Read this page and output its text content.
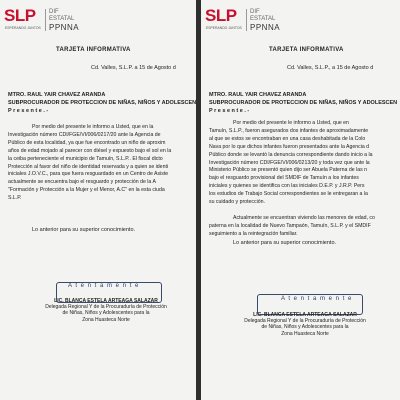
SLP
ESPERANDO JUNTOS
DIF
ESTATAL
PPNNA
TARJETA INFORMATIVA
Cd. Valles, S.L.P. a 15 de Agosto d
MTRO. RAUL YAIR CHAVEZ ARANDA
SUBPROCURADOR DE PROTECCION DE NIÑAS, NIÑOS Y ADOLESCEN
P r e s e n t e . -

Por medio del presente le informo a Usted, que en la

Investigación número CDI/FGE/VI/006/0217/20 ante la Agencia de

Público de esta localidad, ya que fue encontrado un niño de aproxim

años de edad mojado al parecer con diésel y expuesto bajo el sol en la

la ceiba perteneciente el municipio de Tamuín, S.L.P.. El fiscal dicto

Protección al favor del niño de identidad reservada y a quien se identi

iniciales J.O.V.C., para que fuera resguardado en un Centro de Asiste

actualmente se encuentra bajo el resguardo y protección de la A

"Formación y Protección a la Mujer y el Menor, A.C" en la esta ciuda

S.L.P.

Lo anterior para su superior conocimiento.
A t e n t a m e n t e
LIC. BLANCA ESTELA ARTEAGA SALAZAR
Delegada Regional Y de la Procuraduría de Protección
de Niñas, Niños y Adolescentes para la
Zona Huasteca Norte
SLP
ESPERANDO JUNTOS
DIF
ESTATAL
PPNNA
TARJETA INFORMATIVA
Cd. Valles, S.L.P., a 15 de Agosto d
MTRO. RAUL YAIR CHAVEZ ARANDA
SUBPROCURADOR DE PROTECCION DE NIÑAS, NIÑOS Y ADOLESCEN
P r e s e n t e . -

Por medio del presente le informo a Usted, que en

Tamuín, S.L.P., fueron asegurados dos infantes de aproximadamente

al que se estos se encontraban en una casa deshabitada de la Colo

Nava por lo que dichos infantes fueron presentados ante la Agencia d

Público donde se levantó la denuncia correspondiente dando inicio a la

Investigación número CDI/FGE/VI/006/0213/20 y toda vez que ante la

Ministerio Público se presentó quien dijo ser Abuela Paterna de las n

bajo el resguardo provisional del SMDIF de Tamuín a los infantes

iniciales y quienes se identifica con las iniciales D.E.P. y J.R.P. Pers

los estudios de Trabajo Social correspondientes se le entregaran a la

su cuidado y protección.

Actualmente se encuentran viviendo las menores de edad, co

paterna en la localidad de Nuevo Tampaón, Tamuín, S.L.P. y el SMDIF

seguimiento a la reintegración familiar.

Lo anterior para su superior conocimiento.
A t e n t a m e n t e
LIC. BLANCA ESTELA ARTEAGA SALAZAR
Delegada Regional Y de la Procuraduría de Protección
de Niñas, Niños y Adolescentes para la
Zona Huasteca Norte
